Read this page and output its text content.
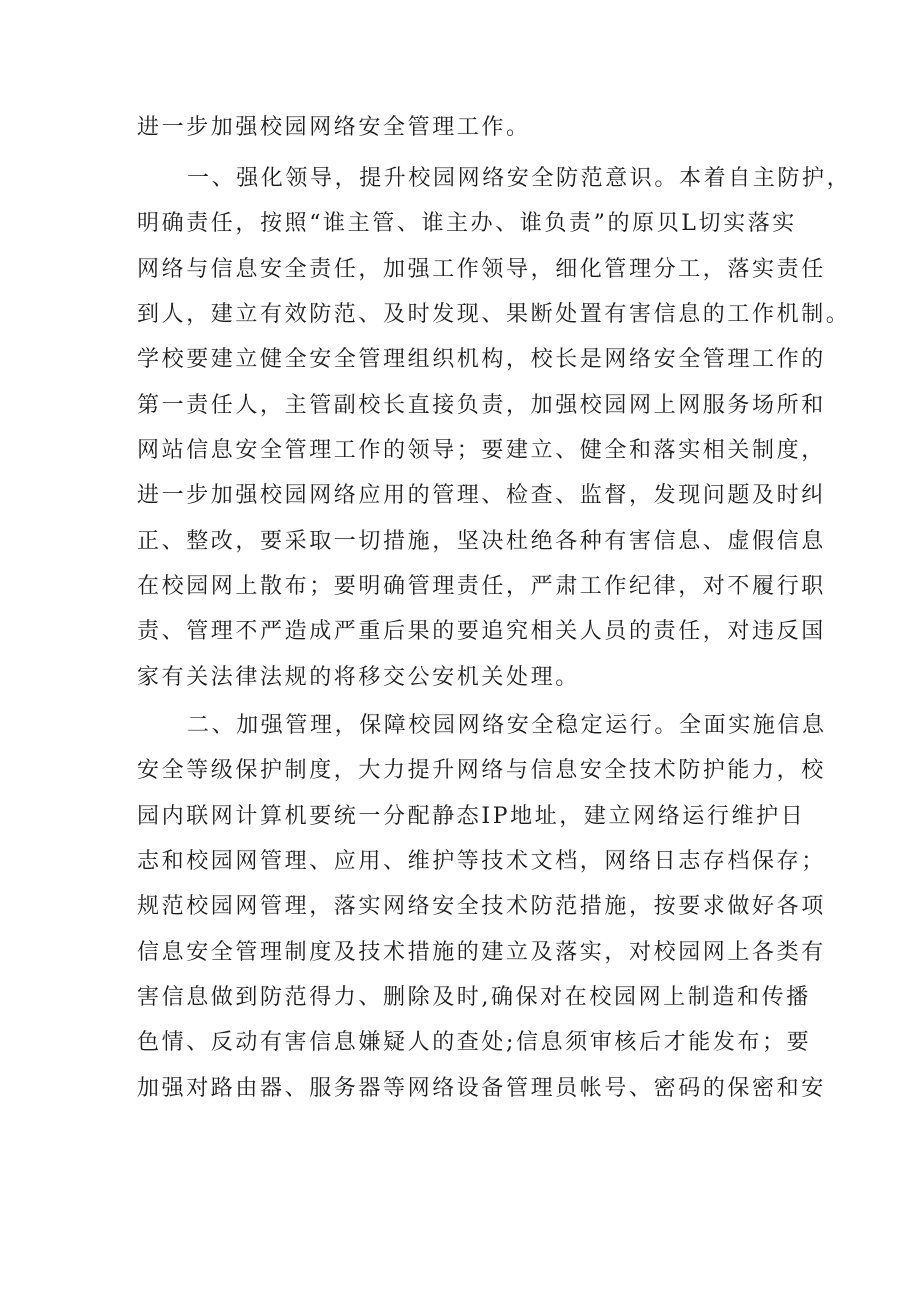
进一步加强校园网络安全管理工作。
一、强化领导，提升校园网络安全防范意识。本着自主防护，
明确责任，按照“谁主管、谁主办、谁负责”的原贝L切实落实
网络与信息安全责任，加强工作领导，细化管理分工，落实责任
到人，建立有效防范、及时发现、果断处置有害信息的工作机制。
学校要建立健全安全管理组织机构，校长是网络安全管理工作的
第一责任人，主管副校长直接负责，加强校园网上网服务场所和
网站信息安全管理工作的领导；要建立、健全和落实相关制度，
进一步加强校园网络应用的管理、检查、监督，发现问题及时纠
正、整改，要采取一切措施，坚决杜绝各种有害信息、虚假信息
在校园网上散布；要明确管理责任，严肃工作纪律，对不履行职
责、管理不严造成严重后果的要追究相关人员的责任，对违反国
家有关法律法规的将移交公安机关处理。
二、加强管理，保障校园网络安全稳定运行。全面实施信息
安全等级保护制度，大力提升网络与信息安全技术防护能力，校
园内联网计算机要统一分配静态IP地址，建立网络运行维护日
志和校园网管理、应用、维护等技术文档，网络日志存档保存；
规范校园网管理，落实网络安全技术防范措施，按要求做好各项
信息安全管理制度及技术措施的建立及落实，对校园网上各类有
害信息做到防范得力、删除及时,确保对在校园网上制造和传播
色情、反动有害信息嫌疑人的查处;信息须审核后才能发布；要
加强对路由器、服务器等网络设备管理员帐号、密码的保密和安
